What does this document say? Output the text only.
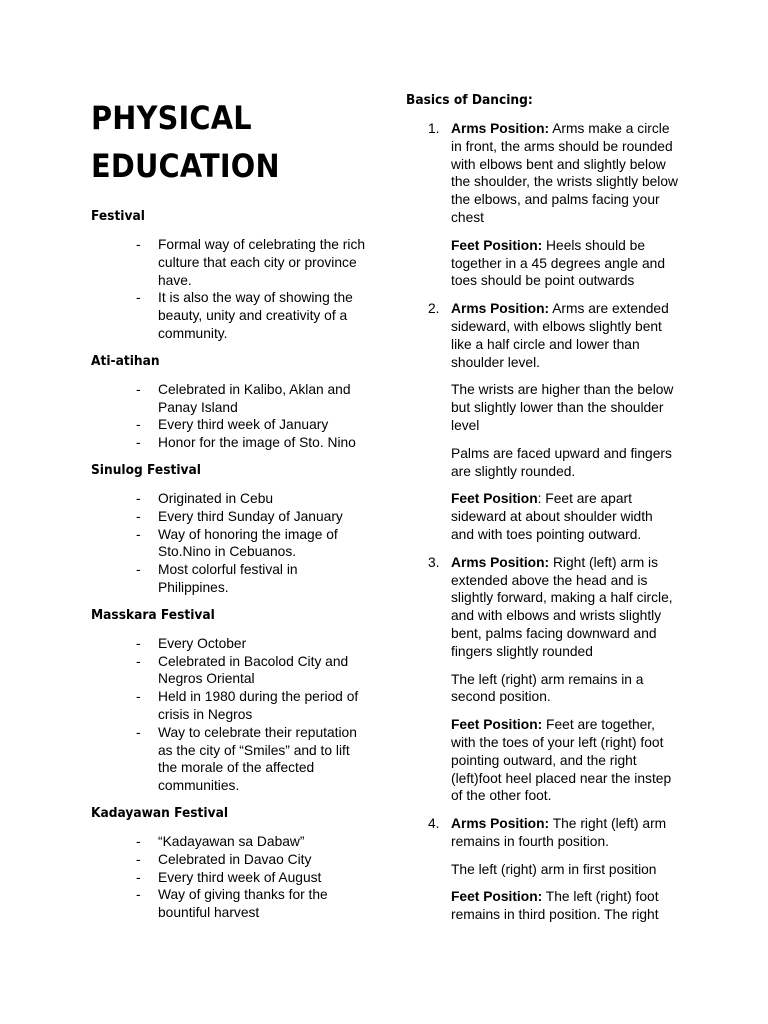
PHYSICAL
EDUCATION
Festival
- Formal way of celebrating the rich culture that each city or province have.
- It is also the way of showing the beauty, unity and creativity of a community.
Ati-atihan
- Celebrated in Kalibo, Aklan and Panay Island
- Every third week of January
- Honor for the image of Sto. Nino
Sinulog Festival
- Originated in Cebu
- Every third Sunday of January
- Way of honoring the image of Sto.Nino in Cebuanos.
- Most colorful festival in Philippines.
Masskara Festival
- Every October
- Celebrated in Bacolod City and Negros Oriental
- Held in 1980 during the period of crisis in Negros
- Way to celebrate their reputation as the city of “Smiles” and to lift the morale of the affected communities.
Kadayawan Festival
- “Kadayawan sa Dabaw”
- Celebrated in Davao City
- Every third week of August
- Way of giving thanks for the bountiful harvest
Basics of Dancing:
1. Arms Position: Arms make a circle in front, the arms should be rounded with elbows bent and slightly below the shoulder, the wrists slightly below the elbows, and palms facing your chest

Feet Position: Heels should be together in a 45 degrees angle and toes should be point outwards

2. Arms Position: Arms are extended sideward, with elbows slightly bent like a half circle and lower than shoulder level.

The wrists are higher than the below but slightly lower than the shoulder level

Palms are faced upward and fingers are slightly rounded.

Feet Position: Feet are apart sideward at about shoulder width and with toes pointing outward.

3. Arms Position: Right (left) arm is extended above the head and is slightly forward, making a half circle, and with elbows and wrists slightly bent, palms facing downward and fingers slightly rounded

The left (right) arm remains in a second position.

Feet Position: Feet are together, with the toes of your left (right) foot pointing outward, and the right (left)foot heel placed near the instep of the other foot.

4. Arms Position: The right (left) arm remains in fourth position.

The left (right) arm in first position

Feet Position: The left (right) foot remains in third position. The right
